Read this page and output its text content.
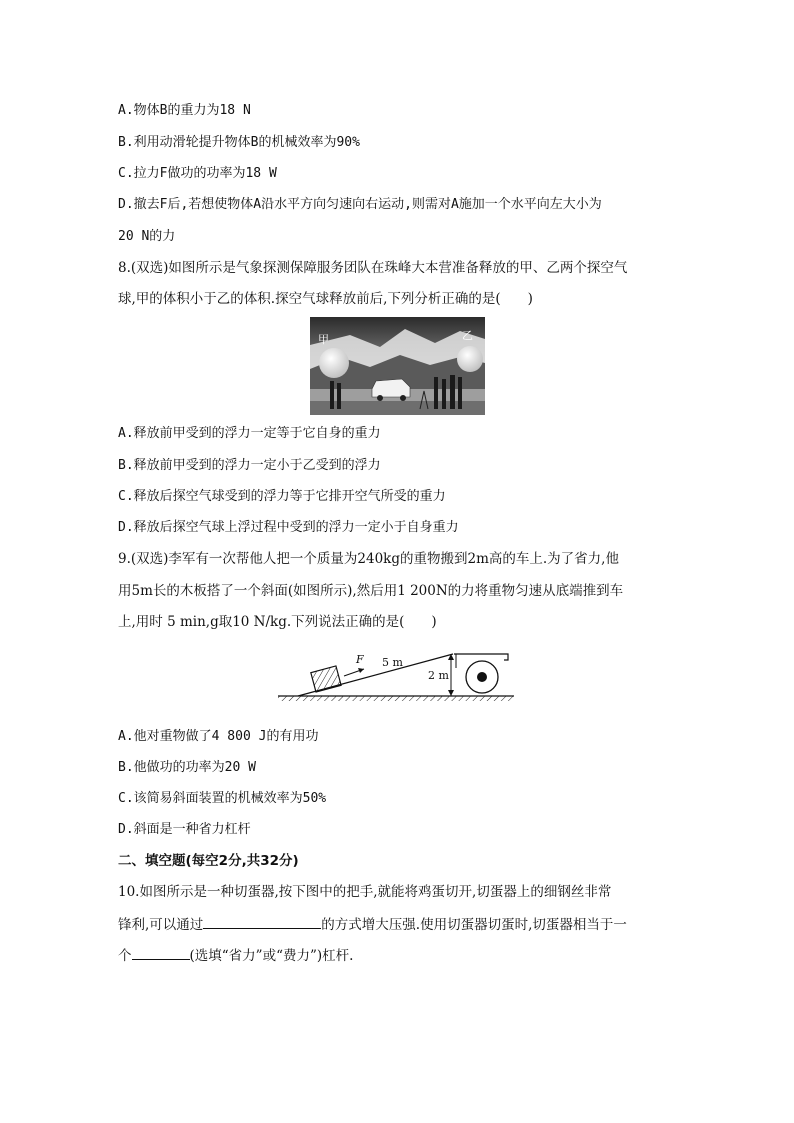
A.物体B的重力为18 N
B.利用动滑轮提升物体B的机械效率为90%
C.拉力F做功的功率为18 W
D.撤去F后,若想使物体A沿水平方向匀速向右运动,则需对A施加一个水平向左大小为
20 N的力
8.(双选)如图所示是气象探测保障服务团队在珠峰大本营准备释放的甲、乙两个探空气
球,甲的体积小于乙的体积.探空气球释放前后,下列分析正确的是(　　)
甲	乙
A.释放前甲受到的浮力一定等于它自身的重力
B.释放前甲受到的浮力一定小于乙受到的浮力
C.释放后探空气球受到的浮力等于它排开空气所受的重力
D.释放后探空气球上浮过程中受到的浮力一定小于自身重力
9.(双选)李军有一次帮他人把一个质量为240kg的重物搬到2m高的车上.为了省力,他
用5m长的木板搭了一个斜面(如图所示),然后用1 200N的力将重物匀速从底端推到车
上,用时 5 min,g取10 N/kg.下列说法正确的是(　　)
F 5 m
2 m
A.他对重物做了4 800 J的有用功
B.他做功的功率为20 W
C.该简易斜面装置的机械效率为50%
D.斜面是一种省力杠杆
二、填空题(每空2分,共32分)
10.如图所示是一种切蛋器,按下图中的把手,就能将鸡蛋切开,切蛋器上的细钢丝非常
锋利,可以通过	的方式增大压强.使用切蛋器切蛋时,切蛋器相当于一
个	(选填“省力”或“费力”)杠杆.
